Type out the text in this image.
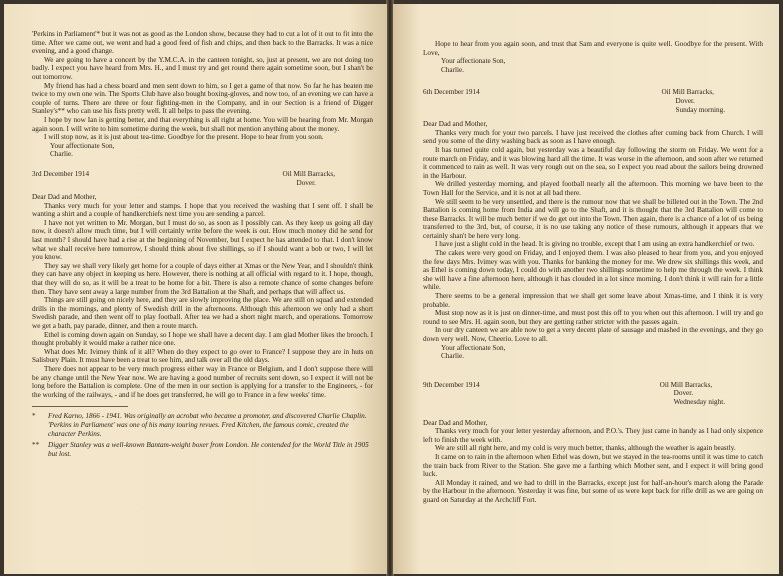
'Perkins in Parliament'* but it was not as good as the London show, because they had to cut a lot of it out to fit into the time. After we came out, we went and had a good feed of fish and chips, and then back to the Barracks. It was a nice evening, and a good change.

We are going to have a concert by the Y.M.C.A. in the canteen tonight, so, just at present, we are not doing too badly. I expect you have heard from Mrs. H., and I must try and get round there again sometime soon, but I shan't be out tomorrow.

My friend has had a chess board and men sent down to him, so I get a game of that now. So far he has beaten me twice to my own one win. The Sports Club have also bought boxing-gloves, and now too, of an evening we can have a couple of turns. There are three or four fighting-men in the Company, and in our Section is a friend of Digger Stanley's** who can use his fists pretty well. It all helps to pass the evening.

I hope by now Ian is getting better, and that everything is all right at home. You will be hearing from Mr. Morgan again soon. I will write to him sometime during the week, but shall not mention anything about the money.

I will stop now, as it is just about tea-time. Goodbye for the present. Hope to hear from you soon.

Your affectionate Son,
Charlie.
3rd December 1914	Oil Mill Barracks,
Dover.
Dear Dad and Mother,

Thanks very much for your letter and stamps. I hope that you received the washing that I sent off. I shall be wanting a shirt and a couple of handkerchiefs next time you are sending a parcel.

I have not yet written to Mr. Morgan, but I must do so, as soon as I possibly can. As they keep us going all day now, it doesn't allow much time, but I will certainly write before the week is out. How much money did he send for last month? I should have had a rise at the beginning of November, but I expect he has attended to that. I don't know what we shall receive here tomorrow, I should think about five shillings, so if I should want a bob or two, I will let you know.

They say we shall very likely get home for a couple of days either at Xmas or the New Year, and I shouldn't think they can have any object in keeping us here. However, there is nothing at all official with regard to it. I hope, though, that they will do so, as it will be a treat to be home for a bit. There is also a remote chance of some changes before then. They have sent away a large number from the 3rd Battalion at the Shaft, and perhaps that will affect us.

Things are still going on nicely here, and they are slowly improving the place. We are still on squad and extended drills in the mornings, and plenty of Swedish drill in the afternoons. Although this afternoon we only had a short Swedish parade, and then went off to play football. After tea we had a short night march, and operations. Tomorrow we get a bath, pay parade, dinner, and then a route march.

Ethel is coming down again on Sunday, so I hope we shall have a decent day. I am glad Mother likes the brooch. I thought probably it would make a rather nice one.

What does Mr. Ivimey think of it all? When do they expect to go over to France? I suppose they are in huts on Salisbury Plain. It must have been a treat to see him, and talk over all the old days.

There does not appear to be very much progress either way in France or Belgium, and I don't suppose there will be any change until the New Year now. We are having a good number of recruits sent down, so I expect it will not be long before the Battalion is complete. One of the men in our section is applying for a transfer to the Engineers, - for the working of the railways, - and if he does get transferred, he will go to France in a few weeks' time.

*	Fred Karno, 1866 - 1941. Was originally an acrobat who became a promoter, and discovered Charlie Chaplin. 'Perkins in Parliament' was one of his many touring revues. Fred Kitchen, the famous comic, created the character Perkins.
**	Digger Stanley was a well-known Bantam-weight boxer from London. He contended for the World Title in 1905 but lost.

Hope to hear from you again soon, and trust that Sam and everyone is quite well. Goodbye for the present. With Love,

Your affectionate Son,
Charlie.
6th December 1914	Oil Mill Barracks,
Dover.
Sunday morning.
Dear Dad and Mother,

Thanks very much for your two parcels. I have just received the clothes after coming back from Church. I will send you some of the dirty washing back as soon as I have enough.

It has turned quite cold again, but yesterday was a beautiful day following the storm on Friday. We went for a route march on Friday, and it was blowing hard all the time. It was worse in the afternoon, and soon after we returned it commenced to rain as well. It was very rough out on the sea, so I expect you read about the sailors being drowned in the Harbour.

We drilled yesterday morning, and played football nearly all the afternoon. This morning we have been to the Town Hall for the Service, and it is not at all bad there.

We still seem to be very unsettled, and there is the rumour now that we shall be billeted out in the Town. The 2nd Battalion is coming home from India and will go to the Shaft, and it is thought that the 3rd Battalion will come to these Barracks. It will be much better if we do get out into the Town. Then again, there is a chance of a lot of us being transferred to the 3rd, but, of course, it is no use taking any notice of these rumours, although it appears that we certainly shan't be here very long.

I have just a slight cold in the head. It is giving no trouble, except that I am using an extra handkerchief or two.

The cakes were very good on Friday, and I enjoyed them. I was also pleased to hear from you, and you enjoyed the few days Mrs. Ivimey was with you. Thanks for banking the money for me. We drew six shillings this week, and as Ethel is coming down today, I could do with another two shillings sometime to help me through the week. I think she will have a fine afternoon here, although it has clouded in a lot since morning. I don't think it will rain for a little while.

There seems to be a general impression that we shall get some leave about Xmas-time, and I think it is very probable.

Must stop now as it is just on dinner-time, and must post this off to you when out this afternoon. I will try and go round to see Mrs. H. again soon, but they are getting rather stricter with the passes again.

In our dry canteen we are able now to get a very decent plate of sausage and mashed in the evenings, and they go down very well. Now, Cheerio. Love to all.

Your affectionate Son,
Charlie.
9th December 1914	Oil Mill Barracks,
Dover.
Wednesday night.
Dear Dad and Mother,

Thanks very much for your letter yesterday afternoon, and P.O.'s. They just came in handy as I had only sixpence left to finish the week with.

We are still all right here, and my cold is very much better, thanks, although the weather is again beastly.

It came on to rain in the afternoon when Ethel was down, but we stayed in the tea-rooms until it was time to catch the train back from River to the Station. She gave me a farthing which Mother sent, and I expect it will bring good luck.

All Monday it rained, and we had to drill in the Barracks, except just for half-an-hour's march along the Parade by the Harbour in the afternoon. Yesterday it was fine, but some of us were kept back for rifle drill as we are going on guard on Saturday at the Archcliff Fort.
